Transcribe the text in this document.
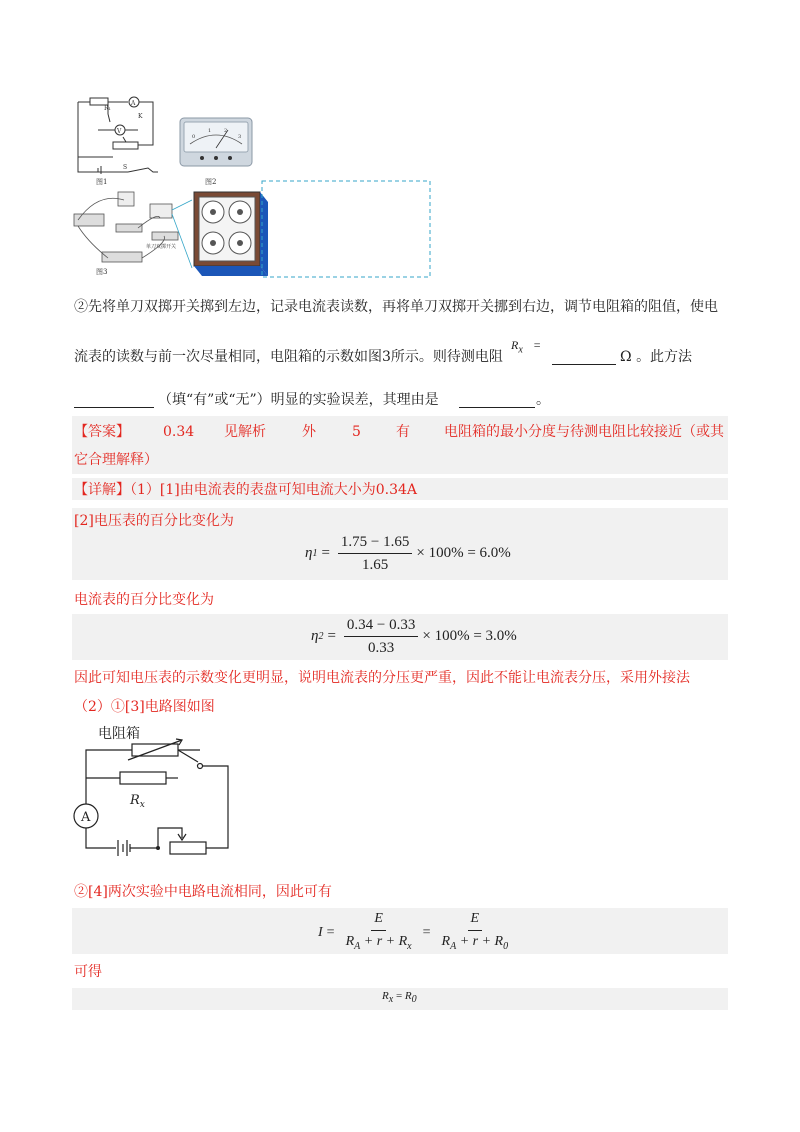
R₁
A
V
K
S
图1
0
1	2
3
图2
单刀双掷开关
图3
②先将单刀双掷开关掷到左边，记录电流表读数，再将单刀双掷开关挪到右边，调节电阻箱的阻值，使电
流表的读数与前一次尽量相同，电阻箱的示数如图3所示。则待测电阻
$R_x$ =
Ω 。此方法
（填“有”或“无”）明显的实验误差，其理由是	。
【答案】 0.34 见解析	外	5	有 电阻箱的最小分度与待测电阻比较接近（或其
它合理解释）
【详解】（1）[1]由电流表的表盘可知电流大小为0.34A
[2]电压表的百分比变化为
η $1 = \frac{1.75 - 1.65}{1.65} \times 100\% = 6.0\%$
电流表的百分比变化为
η $2 = \frac{0.34 - 0.33}{0.33} \times 100\% = 3.0\%$
因此可知电压表的示数变化更明显，说明电流表的分压更严重，因此不能让电流表分压，采用外接法
（2）①[3]电路图如图
电阻箱
$R_x$
A
②[4]两次实验中电路电流相同，因此可有
$I = \frac{E}{R_A + r + R_x} = \frac{E}{R_A + r + R_0}$
可得
$R_x = R_0$
